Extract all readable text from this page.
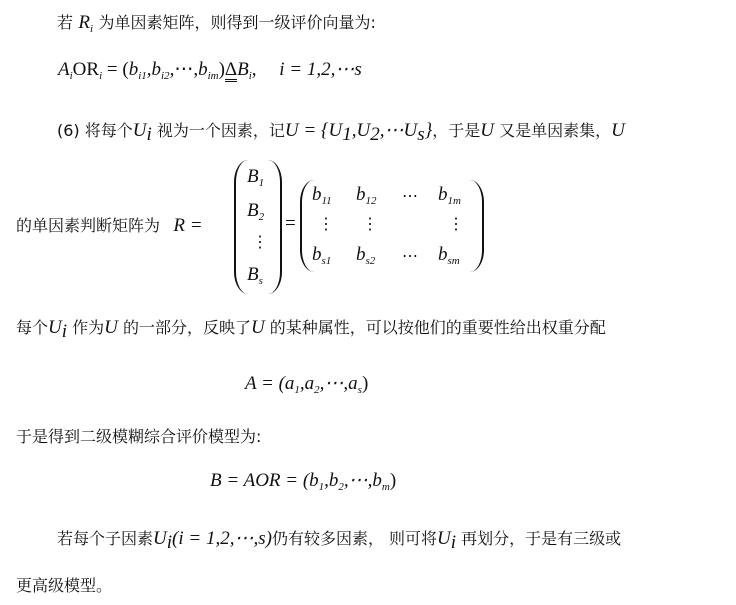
若 $R_i$ 为单因素矩阵，则得到一级评价向量为:
$A_iOR_i$ = $(b_{i1},b_{i2},\cdots,b_{im})\Delta B_i$, i = 1,2,⋯s
(6) 将每个$U_i$ 视为一个因素，记$U = \{U_1,U_2,\cdots U_s\}$，于是U 又是单因素集，U
的单因素判断矩阵为 R =
$B_1$
$B_2$
⋮
$B_s$
=
$b_{11}$ $b_{12}$ ⋯ $b_{1m}$
⋮ ⋮	⋮
$b_{s1}$ $b_{s2}$ ⋯ $b_{sm}$
每个$U_i$ 作为U 的一部分，反映了U 的某种属性，可以按他们的重要性给出权重分配
$A = (a_1,a_2,\cdots,a_s)$
于是得到二级模糊综合评价模型为:
B = AOR = $(b_1,b_2,\cdots,b_m)$
若每个子因素$U_i(i$ = 1,2,⋯,s)仍有较多因素， 则可将$U_i$ 再划分，于是有三级或
更高级模型。
